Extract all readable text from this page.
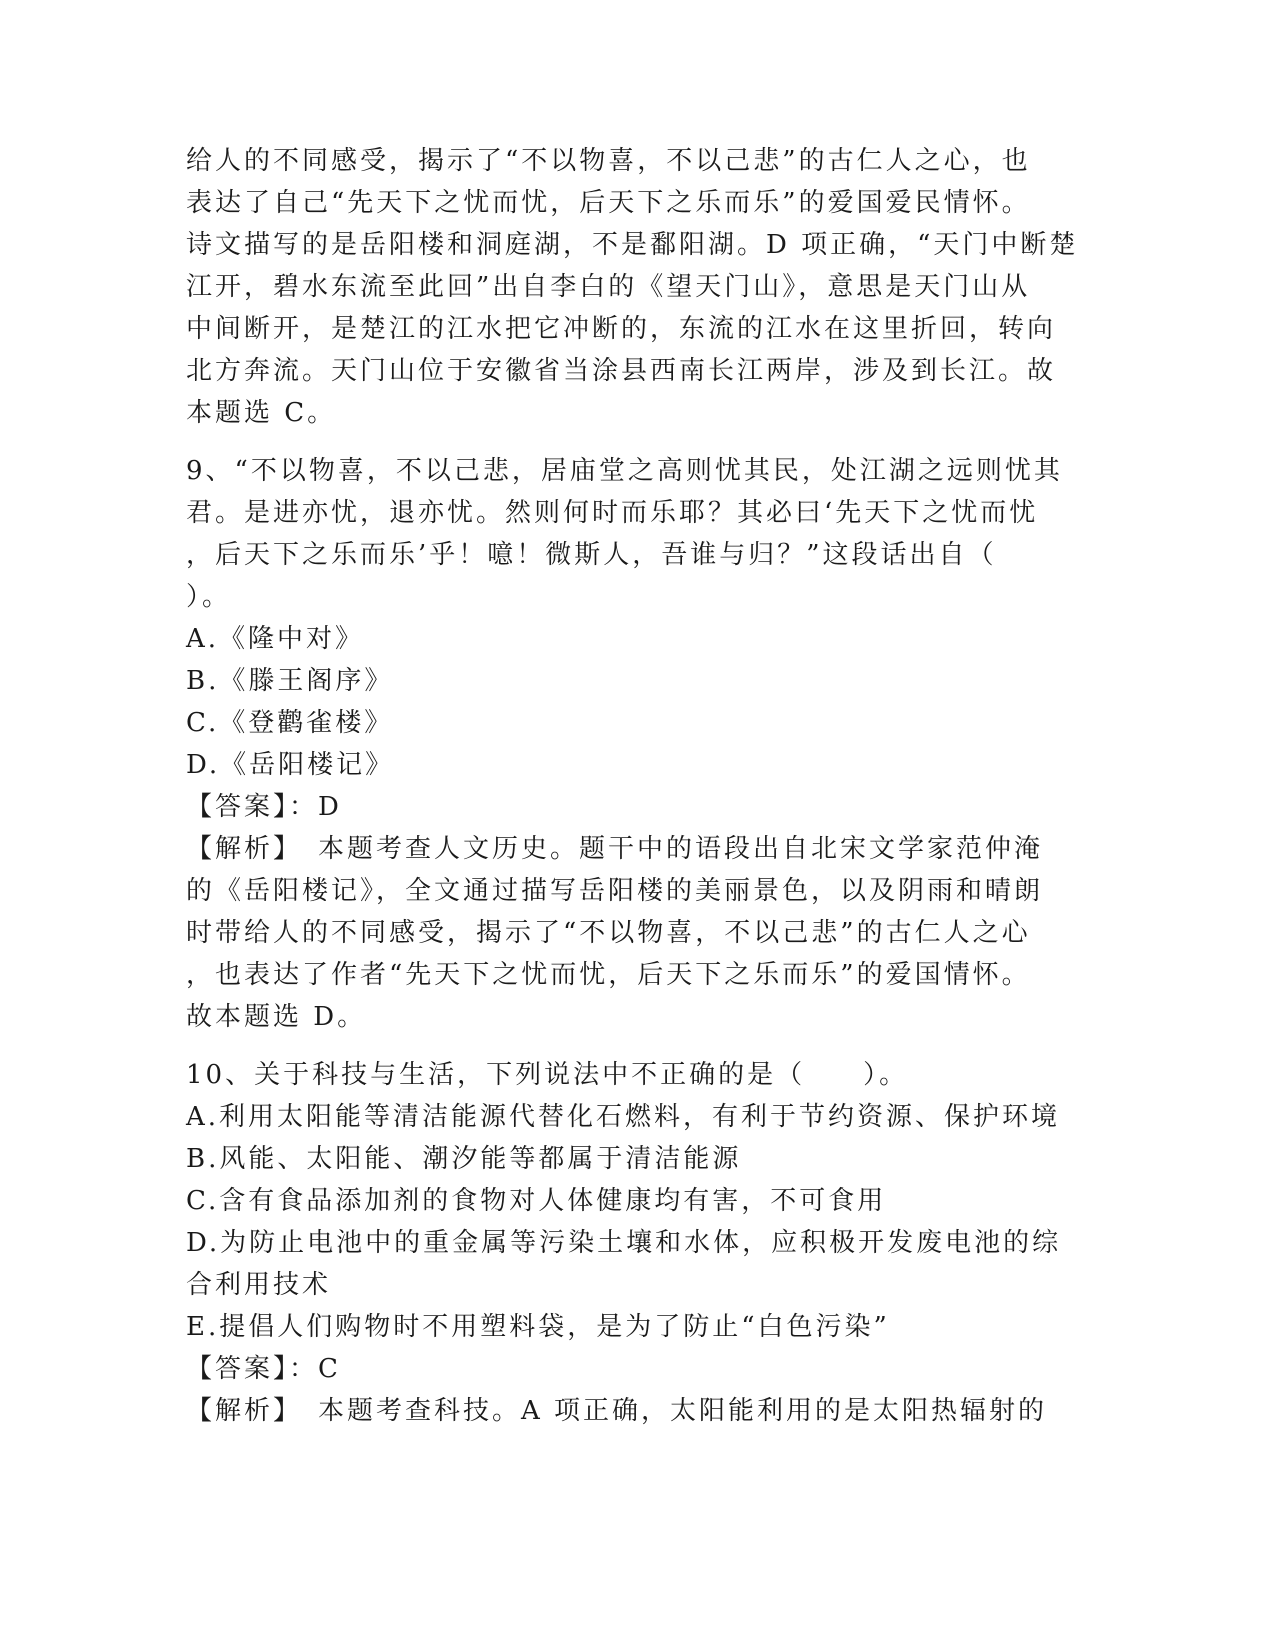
给人的不同感受，揭示了“不以物喜，不以己悲”的古仁人之心，也
表达了自己“先天下之忧而忧，后天下之乐而乐”的爱国爱民情怀。
诗文描写的是岳阳楼和洞庭湖，不是鄱阳湖。D 项正确，“天门中断楚
江开，碧水东流至此回”出自李白的《望天门山》，意思是天门山从
中间断开，是楚江的江水把它冲断的，东流的江水在这里折回，转向
北方奔流。天门山位于安徽省当涂县西南长江两岸，涉及到长江。故
本题选 C。
9、“不以物喜，不以己悲，居庙堂之高则忧其民，处江湖之远则忧其
君。是进亦忧，退亦忧。然则何时而乐耶？其必曰‘先天下之忧而忧
，后天下之乐而乐’乎！噫！微斯人，吾谁与归？”这段话出自（
）。
A.《隆中对》
B.《滕王阁序》
C.《登鹳雀楼》
D.《岳阳楼记》
【答案】：D
【解析】　本题考查人文历史。题干中的语段出自北宋文学家范仲淹
的《岳阳楼记》，全文通过描写岳阳楼的美丽景色，以及阴雨和晴朗
时带给人的不同感受，揭示了“不以物喜，不以己悲”的古仁人之心
，也表达了作者“先天下之忧而忧，后天下之乐而乐”的爱国情怀。
故本题选 D。
10、关于科技与生活，下列说法中不正确的是（　　）。
A.利用太阳能等清洁能源代替化石燃料，有利于节约资源、保护环境
B.风能、太阳能、潮汐能等都属于清洁能源
C.含有食品添加剂的食物对人体健康均有害，不可食用
D.为防止电池中的重金属等污染土壤和水体，应积极开发废电池的综
合利用技术
E.提倡人们购物时不用塑料袋，是为了防止“白色污染”
【答案】：C
【解析】　本题考查科技。A 项正确，太阳能利用的是太阳热辐射的
